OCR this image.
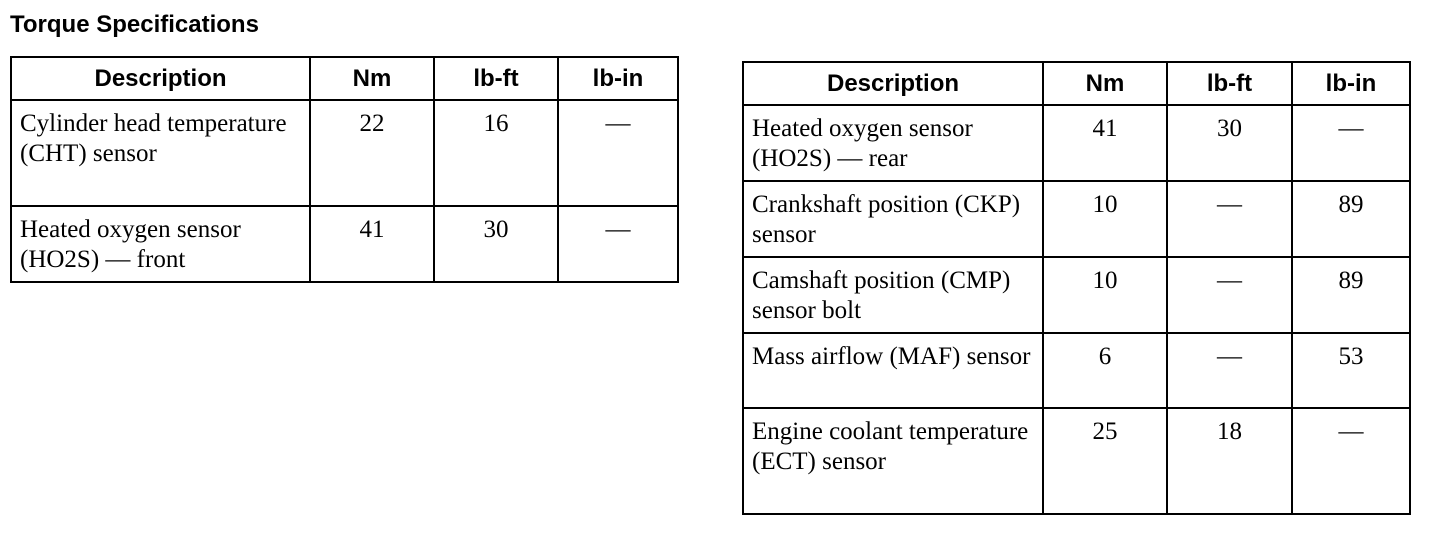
Torque Specifications
Description	Nm	lb-ft	lb-in
Cylinder head temperature (CHT) sensor	22	16	—
Heated oxygen sensor (HO2S) — front	41	30	—
Description	Nm	lb-ft	lb-in
Heated oxygen sensor (HO2S) — rear	41	30	—
Crankshaft position (CKP) sensor	10	—	89
Camshaft position (CMP) sensor bolt	10	—	89
Mass airflow (MAF) sensor	6	—	53
Engine coolant temperature (ECT) sensor	25	18	—
